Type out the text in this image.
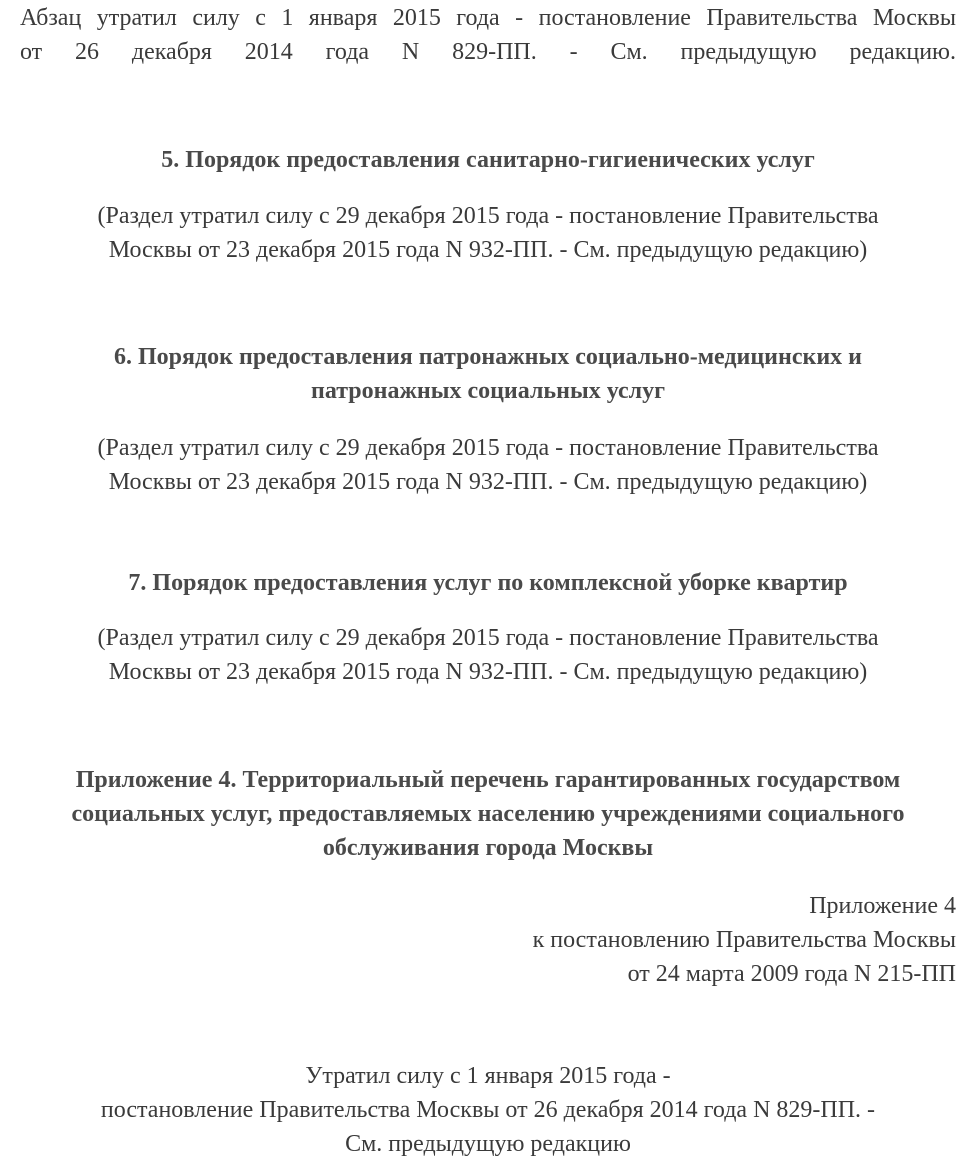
Абзац утратил силу с 1 января 2015 года - постановление Правительства Москвы
от 26 декабря 2014 года N 829-ПП. - См. предыдущую редакцию.

5. Порядок предоставления санитарно-гигиенических услуг

(Раздел утратил силу с 29 декабря 2015 года - постановление Правительства
Москвы от 23 декабря 2015 года N 932-ПП. - См. предыдущую редакцию)

6. Порядок предоставления патронажных социально-медицинских и
патронажных социальных услуг

(Раздел утратил силу с 29 декабря 2015 года - постановление Правительства
Москвы от 23 декабря 2015 года N 932-ПП. - См. предыдущую редакцию)

7. Порядок предоставления услуг по комплексной уборке квартир

(Раздел утратил силу с 29 декабря 2015 года - постановление Правительства
Москвы от 23 декабря 2015 года N 932-ПП. - См. предыдущую редакцию)

Приложение 4. Территориальный перечень гарантированных государством
социальных услуг, предоставляемых населению учреждениями социального
обслуживания города Москвы

Приложение 4
к постановлению Правительства Москвы
от 24 марта 2009 года N 215-ПП

Утратил силу с 1 января 2015 года -
постановление Правительства Москвы от 26 декабря 2014 года N 829-ПП. -
См. предыдущую редакцию
